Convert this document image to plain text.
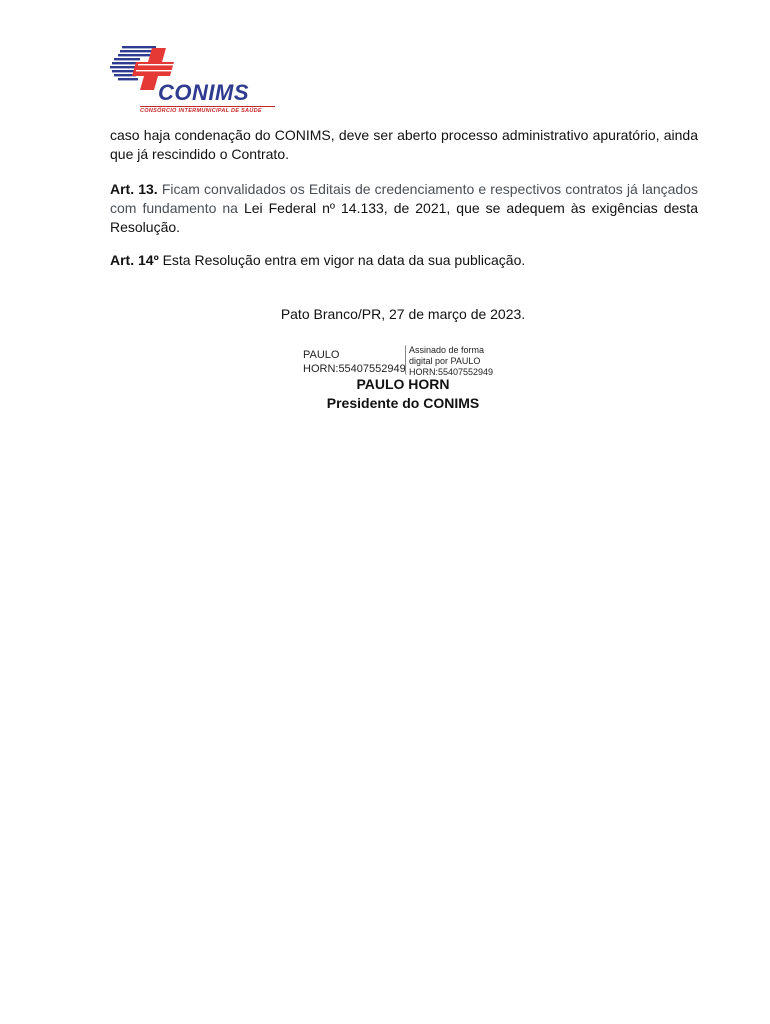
CONIMS
CONSÓRCIO INTERMUNICIPAL DE SAÚDE

caso haja condenação do CONIMS, deve ser aberto processo administrativo apuratório, ainda que já rescindido o Contrato.

Art. 13. Ficam convalidados os Editais de credenciamento e respectivos contratos já lançados com fundamento na Lei Federal nº 14.133, de 2021, que se adequem às exigências desta Resolução.

Art. 14º Esta Resolução entra em vigor na data da sua publicação.

Pato Branco/PR, 27 de março de 2023.
PAULO
HORN:55407552949
Assinado de forma
digital por PAULO
HORN:55407552949
PAULO HORN
Presidente do CONIMS
